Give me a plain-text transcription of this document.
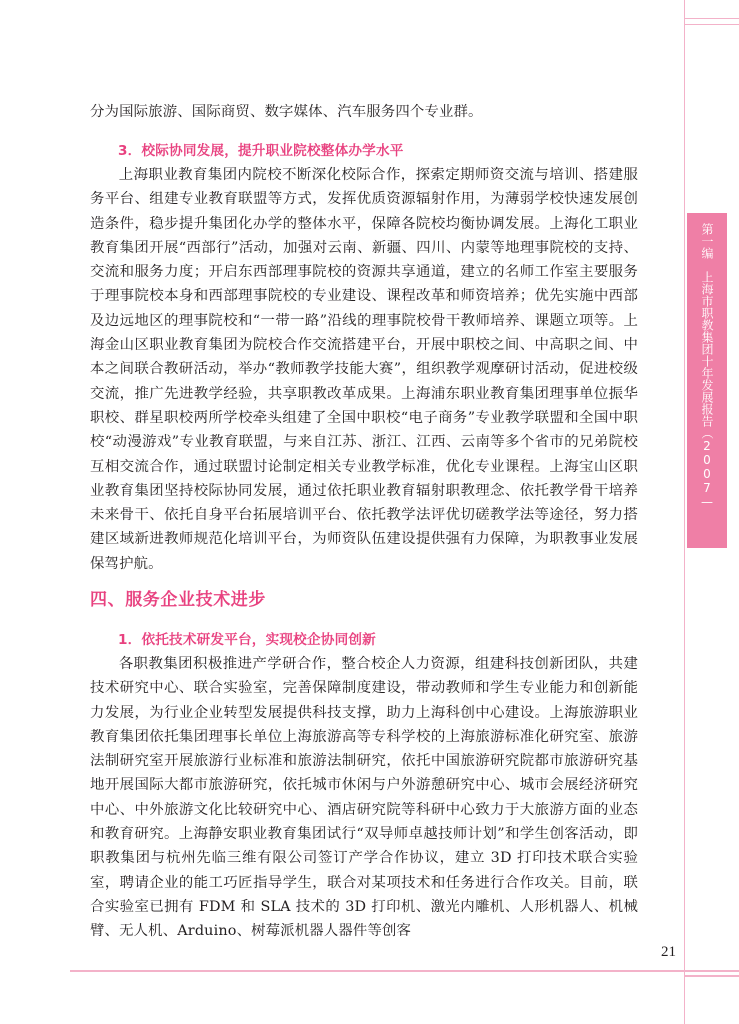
第一编　上海市职教集团十年发展报告（2007—2017）

分为国际旅游、国际商贸、数字媒体、汽车服务四个专业群。

3．校际协同发展，提升职业院校整体办学水平

上海职业教育集团内院校不断深化校际合作，探索定期师资交流与培训、搭建服务平台、组建专业教育联盟等方式，发挥优质资源辐射作用，为薄弱学校快速发展创造条件，稳步提升集团化办学的整体水平，保障各院校均衡协调发展。上海化工职业教育集团开展“西部行”活动，加强对云南、新疆、四川、内蒙等地理事院校的支持、交流和服务力度；开启东西部理事院校的资源共享通道，建立的名师工作室主要服务于理事院校本身和西部理事院校的专业建设、课程改革和师资培养；优先实施中西部及边远地区的理事院校和“一带一路”沿线的理事院校骨干教师培养、课题立项等。上海金山区职业教育集团为院校合作交流搭建平台，开展中职校之间、中高职之间、中本之间联合教研活动，举办“教师教学技能大赛”，组织教学观摩研讨活动，促进校级交流，推广先进教学经验，共享职教改革成果。上海浦东职业教育集团理事单位振华职校、群星职校两所学校牵头组建了全国中职校“电子商务”专业教学联盟和全国中职校“动漫游戏”专业教育联盟，与来自江苏、浙江、江西、云南等多个省市的兄弟院校互相交流合作，通过联盟讨论制定相关专业教学标准，优化专业课程。上海宝山区职业教育集团坚持校际协同发展，通过依托职业教育辐射职教理念、依托教学骨干培养未来骨干、依托自身平台拓展培训平台、依托教学法评优切磋教学法等途径，努力搭建区域新进教师规范化培训平台，为师资队伍建设提供强有力保障，为职教事业发展保驾护航。

四、服务企业技术进步
1．依托技术研发平台，实现校企协同创新

各职教集团积极推进产学研合作，整合校企人力资源，组建科技创新团队，共建技术研究中心、联合实验室，完善保障制度建设，带动教师和学生专业能力和创新能力发展，为行业企业转型发展提供科技支撑，助力上海科创中心建设。上海旅游职业教育集团依托集团理事长单位上海旅游高等专科学校的上海旅游标准化研究室、旅游法制研究室开展旅游行业标准和旅游法制研究，依托中国旅游研究院都市旅游研究基地开展国际大都市旅游研究，依托城市休闲与户外游憩研究中心、城市会展经济研究中心、中外旅游文化比较研究中心、酒店研究院等科研中心致力于大旅游方面的业态和教育研究。上海静安职业教育集团试行“双导师卓越技师计划”和学生创客活动，即职教集团与杭州先临三维有限公司签订产学合作协议，建立 3D 打印技术联合实验室，聘请企业的能工巧匠指导学生，联合对某项技术和任务进行合作攻关。目前，联合实验室已拥有 FDM 和 SLA 技术的 3D 打印机、激光内雕机、人形机器人、机械臂、无人机、Arduino、树莓派机器人器件等创客

21
